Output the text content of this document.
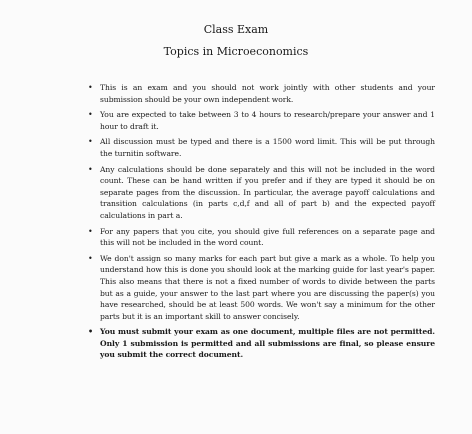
Class Exam
Topics in Microeconomics
• This is an exam and you should not work jointly with other students and your submission should be your own independent work.
• You are expected to take between 3 to 4 hours to research/prepare your answer and 1 hour to draft it.
• All discussion must be typed and there is a 1500 word limit. This will be put through the turnitin software.
• Any calculations should be done separately and this will not be included in the word count. These can be hand written if you prefer and if they are typed it should be on separate pages from the discussion. In particular, the average payoff calculations and transition calculations (in parts c,d,f and all of part b) and the expected payoff calculations in part a.
• For any papers that you cite, you should give full references on a separate page and this will not be included in the word count.
• We don't assign so many marks for each part but give a mark as a whole. To help you understand how this is done you should look at the marking guide for last year's paper. This also means that there is not a fixed number of words to divide between the parts but as a guide, your answer to the last part where you are discussing the paper(s) you have researched, should be at least 500 words. We won't say a minimum for the other parts but it is an important skill to answer concisely.
• You must submit your exam as one document, multiple files are not permitted. Only 1 submission is permitted and all submissions are final, so please ensure you submit the correct document.
